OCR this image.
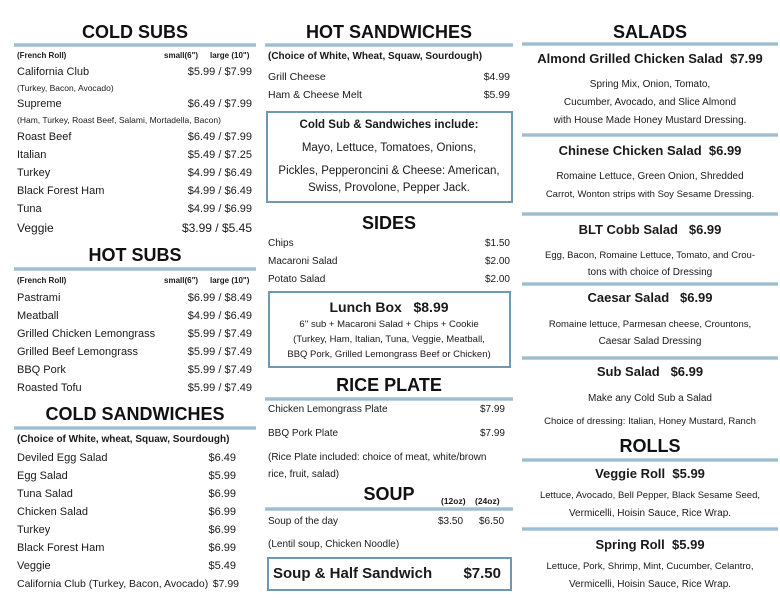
COLD SUBS
(French Roll)	small(6") large (10")
California Club	$5.99 / $7.99
(Turkey, Bacon, Avocado)
Supreme	$6.49 / $7.99
(Ham, Turkey, Roast Beef, Salami, Mortadella, Bacon)
Roast Beef	$6.49 / $7.99
Italian	$5.49 / $7.25
Turkey	$4.99 / $6.49
Black Forest Ham	$4.99 / $6.49
Tuna	$4.99 / $6.99
Veggie	$3.99 / $5.45
HOT SUBS
(French Roll)	small(6") large (10")
Pastrami	$6.99 / $8.49
Meatball	$4.99 / $6.49
Grilled Chicken Lemongrass	$5.99 / $7.49
Grilled Beef Lemongrass	$5.99 / $7.49
BBQ Pork	$5.99 / $7.49
Roasted Tofu	$5.99 / $7.49
COLD SANDWICHES
(Choice of White, wheat, Squaw, Sourdough)
Deviled Egg Salad	$6.49
Egg Salad	$5.99
Tuna Salad	$6.99
Chicken Salad	$6.99
Turkey	$6.99
Black Forest Ham	$6.99
Veggie	$5.49
California Club (Turkey, Bacon, Avocado) $7.99
HOT SANDWICHES
(Choice of White, Wheat, Squaw, Sourdough)
Grill Cheese	$4.99
Ham & Cheese Melt	$5.99
Cold Sub & Sandwiches include:
Mayo, Lettuce, Tomatoes, Onions,
Pickles, Pepperoncini & Cheese: American,
Swiss, Provolone, Pepper Jack.
SIDES
Chips	$1.50
Macaroni Salad	$2.00
Potato Salad	$2.00
Lunch Box $8.99
6'' sub + Macaroni Salad + Chips + Cookie
(Turkey, Ham, Italian, Tuna, Veggie, Meatball,
BBQ Pork, Grilled Lemongrass Beef or Chicken)
RICE PLATE
Chicken Lemongrass Plate	$7.99
BBQ Pork Plate	$7.99
(Rice Plate included: choice of meat, white/brown
rice, fruit, salad)
SOUP	(12oz) (24oz)
Soup of the day	$3.50 $6.50
(Lentil soup, Chicken Noodle)
Soup & Half Sandwich $7.50
SALADS
Almond Grilled Chicken Salad $7.99
Spring Mix, Onion, Tomato,
Cucumber, Avocado, and Slice Almond
with House Made Honey Mustard Dressing.
Chinese Chicken Salad $6.99
Romaine Lettuce, Green Onion, Shredded
Carrot, Wonton strips with Soy Sesame Dressing.
BLT Cobb Salad $6.99
Egg, Bacon, Romaine Lettuce, Tomato, and Crou-
tons with choice of Dressing
Caesar Salad $6.99
Romaine lettuce, Parmesan cheese, Crountons,
Caesar Salad Dressing
Sub Salad $6.99
Make any Cold Sub a Salad
Choice of dressing: Italian, Honey Mustard, Ranch
ROLLS
Veggie Roll $5.99
Lettuce, Avocado, Bell Pepper, Black Sesame Seed,
Vermicelli, Hoisin Sauce, Rice Wrap.
Spring Roll $5.99
Lettuce, Pork, Shrimp, Mint, Cucumber, Celantro,
Vermicelli, Hoisin Sauce, Rice Wrap.
